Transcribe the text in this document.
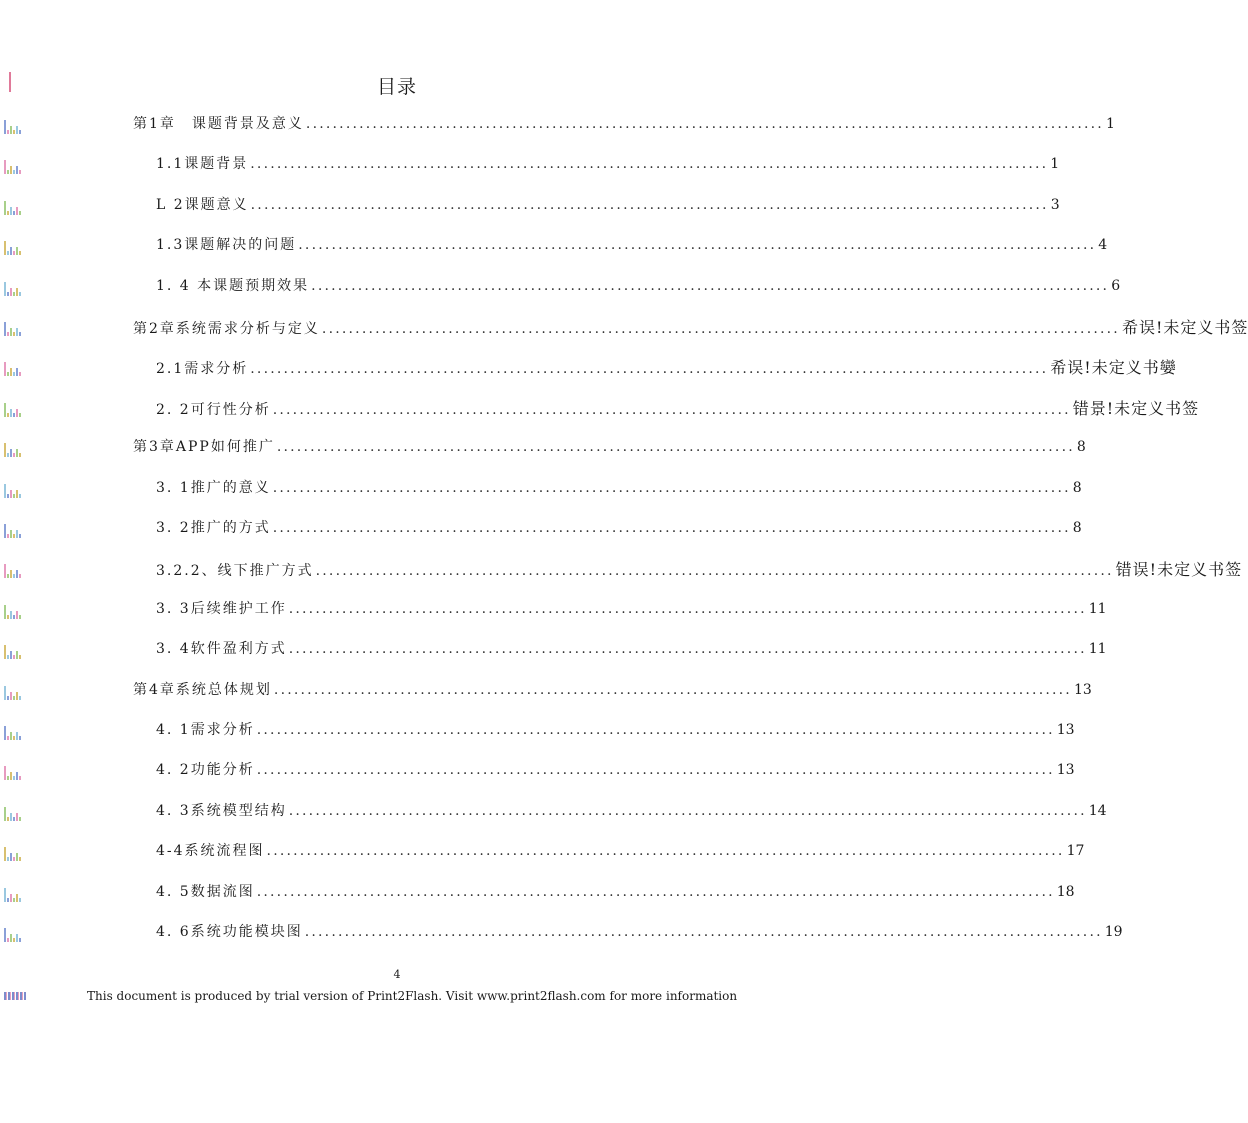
目录
第1章　课题背景及意义 ........................................................................................................................ 1
1.1课题背景 ........................................................................................................................ 1
L 2课题意义 ........................................................................................................................ 3
1.3课题解决的问题 ........................................................................................................................ 4
1. 4 本课题预期效果 ........................................................................................................................ 6
第2章系统需求分析与定义 ........................................................................................................................ 希误!未定义书签
2.1需求分析 ........................................................................................................................ 希误!未定义书孌
2. 2可行性分析 ........................................................................................................................ 错景!未定义书签
第3章APP如何推广 ........................................................................................................................ 8
3. 1推广的意义 ........................................................................................................................ 8
3. 2推广的方式 ........................................................................................................................ 8
3.2.2、线下推广方式 ........................................................................................................................ 错误!未定义书签
3. 3后续维护工作 ........................................................................................................................ 11
3. 4软件盈利方式 ........................................................................................................................ 11
第4章系统总体规划 ........................................................................................................................ 13
4. 1需求分析 ........................................................................................................................ 13
4. 2功能分析 ........................................................................................................................ 13
4. 3系统模型结构 ........................................................................................................................ 14
4-4系统流程图 ........................................................................................................................ 17
4. 5数据流图 ........................................................................................................................ 18
4. 6系统功能模块图 ........................................................................................................................ 19
4
This document is produced by trial version of Print2Flash. Visit www.print2flash.com for more information
